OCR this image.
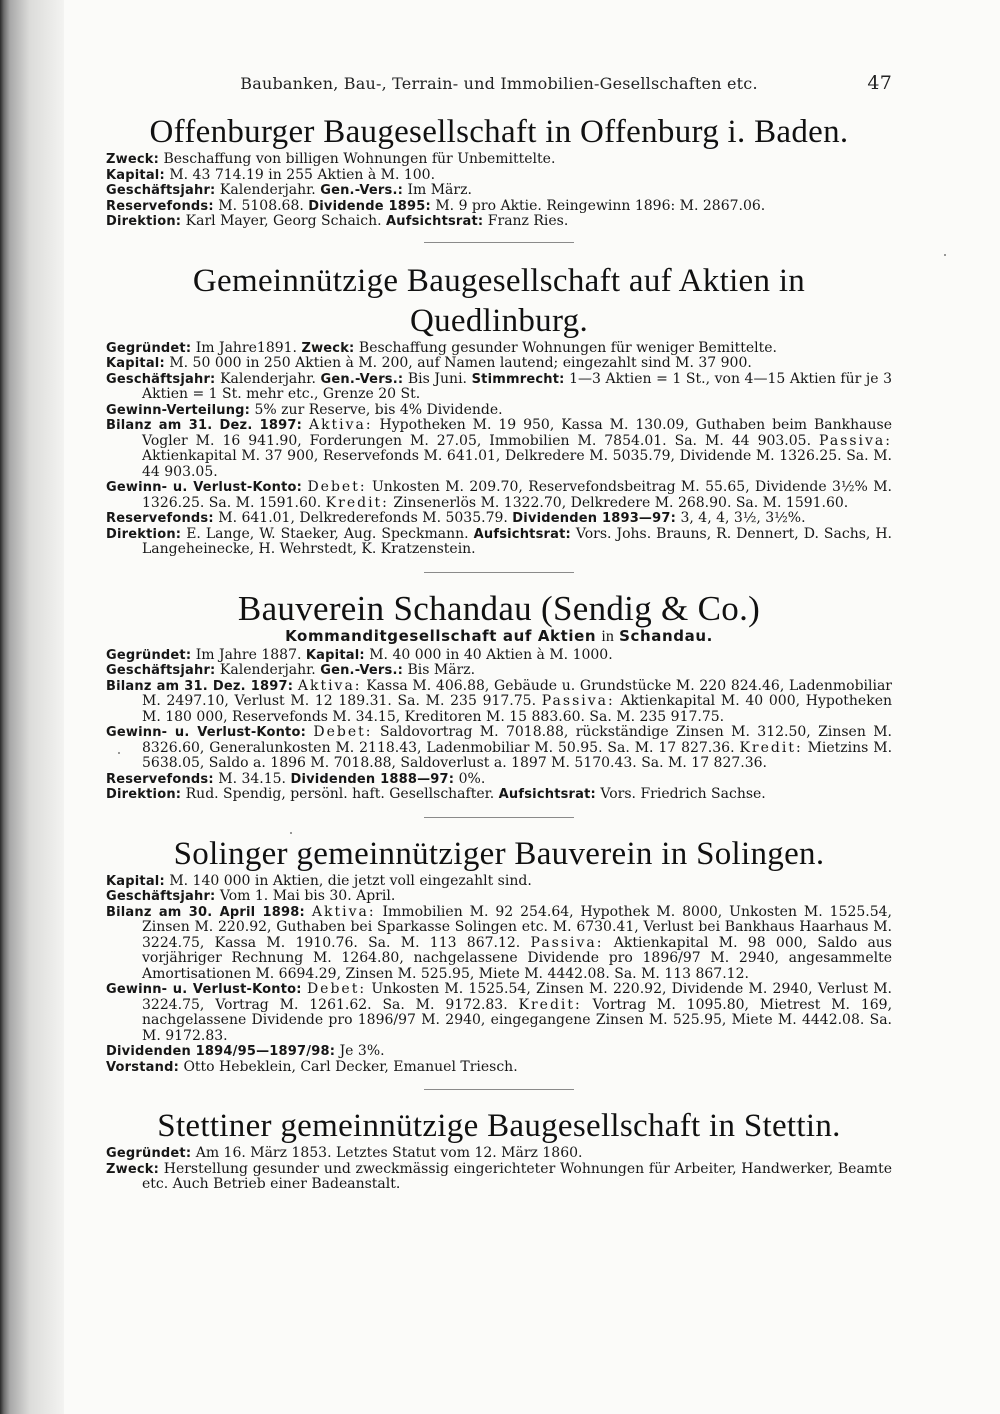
Baubanken, Bau-, Terrain- und Immobilien-Gesellschaften etc.	47
Offenburger Baugesellschaft in Offenburg i. Baden.

Zweck: Beschaffung von billigen Wohnungen für Unbemittelte.

Kapital: M. 43 714.19 in 255 Aktien à M. 100.

Geschäftsjahr: Kalenderjahr. Gen.-Vers.: Im März.

Reservefonds: M. 5108.68. Dividende 1895: M. 9 pro Aktie. Reingewinn 1896: M. 2867.06.

Direktion: Karl Mayer, Georg Schaich. Aufsichtsrat: Franz Ries.

Gemeinnützige Baugesellschaft auf Aktien in Quedlinburg.

Gegründet: Im Jahre1891. Zweck: Beschaffung gesunder Wohnungen für weniger Bemittelte.

Kapital: M. 50 000 in 250 Aktien à M. 200, auf Namen lautend; eingezahlt sind M. 37 900.

Geschäftsjahr: Kalenderjahr. Gen.-Vers.: Bis Juni. Stimmrecht: 1—3 Aktien = 1 St., von 4—15 Aktien für je 3 Aktien = 1 St. mehr etc., Grenze 20 St.

Gewinn-Verteilung: 5% zur Reserve, bis 4% Dividende.

Bilanz am 31. Dez. 1897: Aktiva: Hypotheken M. 19 950, Kassa M. 130.09, Guthaben beim Bankhause Vogler M. 16 941.90, Forderungen M. 27.05, Immobilien M. 7854.01. Sa. M. 44 903.05. Passiva: Aktienkapital M. 37 900, Reservefonds M. 641.01, Delkredere M. 5035.79, Dividende M. 1326.25. Sa. M. 44 903.05.

Gewinn- u. Verlust-Konto: Debet: Unkosten M. 209.70, Reservefondsbeitrag M. 55.65, Dividende 3½% M. 1326.25. Sa. M. 1591.60. Kredit: Zinsenerlös M. 1322.70, Delkredere M. 268.90. Sa. M. 1591.60.

Reservefonds: M. 641.01, Delkrederefonds M. 5035.79. Dividenden 1893—97: 3, 4, 4, 3½, 3½%.

Direktion: E. Lange, W. Staeker, Aug. Speckmann. Aufsichtsrat: Vors. Johs. Brauns, R. Dennert, D. Sachs, H. Langeheinecke, H. Wehrstedt, K. Kratzenstein.

Bauverein Schandau (Sendig & Co.)
Kommanditgesellschaft auf Aktien in Schandau.

Gegründet: Im Jahre 1887. Kapital: M. 40 000 in 40 Aktien à M. 1000.

Geschäftsjahr: Kalenderjahr. Gen.-Vers.: Bis März.

Bilanz am 31. Dez. 1897: Aktiva: Kassa M. 406.88, Gebäude u. Grundstücke M. 220 824.46, Ladenmobiliar M. 2497.10, Verlust M. 12 189.31. Sa. M. 235 917.75. Passiva: Aktienkapital M. 40 000, Hypotheken M. 180 000, Reservefonds M. 34.15, Kreditoren M. 15 883.60. Sa. M. 235 917.75.

Gewinn- u. Verlust-Konto: Debet: Saldovortrag M. 7018.88, rückständige Zinsen M. 312.50, Zinsen M. 8326.60, Generalunkosten M. 2118.43, Ladenmobiliar M. 50.95. Sa. M. 17 827.36. Kredit: Mietzins M. 5638.05, Saldo a. 1896 M. 7018.88, Saldoverlust a. 1897 M. 5170.43. Sa. M. 17 827.36.

Reservefonds: M. 34.15. Dividenden 1888—97: 0%.

Direktion: Rud. Spendig, persönl. haft. Gesellschafter. Aufsichtsrat: Vors. Friedrich Sachse.

Solinger gemeinnütziger Bauverein in Solingen.

Kapital: M. 140 000 in Aktien, die jetzt voll eingezahlt sind.

Geschäftsjahr: Vom 1. Mai bis 30. April.

Bilanz am 30. April 1898: Aktiva: Immobilien M. 92 254.64, Hypothek M. 8000, Unkosten M. 1525.54, Zinsen M. 220.92, Guthaben bei Sparkasse Solingen etc. M. 6730.41, Verlust bei Bankhaus Haarhaus M. 3224.75, Kassa M. 1910.76. Sa. M. 113 867.12. Passiva: Aktienkapital M. 98 000, Saldo aus vorjähriger Rechnung M. 1264.80, nachgelassene Dividende pro 1896/97 M. 2940, angesammelte Amortisationen M. 6694.29, Zinsen M. 525.95, Miete M. 4442.08. Sa. M. 113 867.12.

Gewinn- u. Verlust-Konto: Debet: Unkosten M. 1525.54, Zinsen M. 220.92, Dividende M. 2940, Verlust M. 3224.75, Vortrag M. 1261.62. Sa. M. 9172.83. Kredit: Vortrag M. 1095.80, Mietrest M. 169, nachgelassene Dividende pro 1896/97 M. 2940, eingegangene Zinsen M. 525.95, Miete M. 4442.08. Sa. M. 9172.83.

Dividenden 1894/95—1897/98: Je 3%.

Vorstand: Otto Hebeklein, Carl Decker, Emanuel Triesch.

Stettiner gemeinnützige Baugesellschaft in Stettin.

Gegründet: Am 16. März 1853. Letztes Statut vom 12. März 1860.

Zweck: Herstellung gesunder und zweckmässig eingerichteter Wohnungen für Arbeiter, Handwerker, Beamte etc. Auch Betrieb einer Badeanstalt.
